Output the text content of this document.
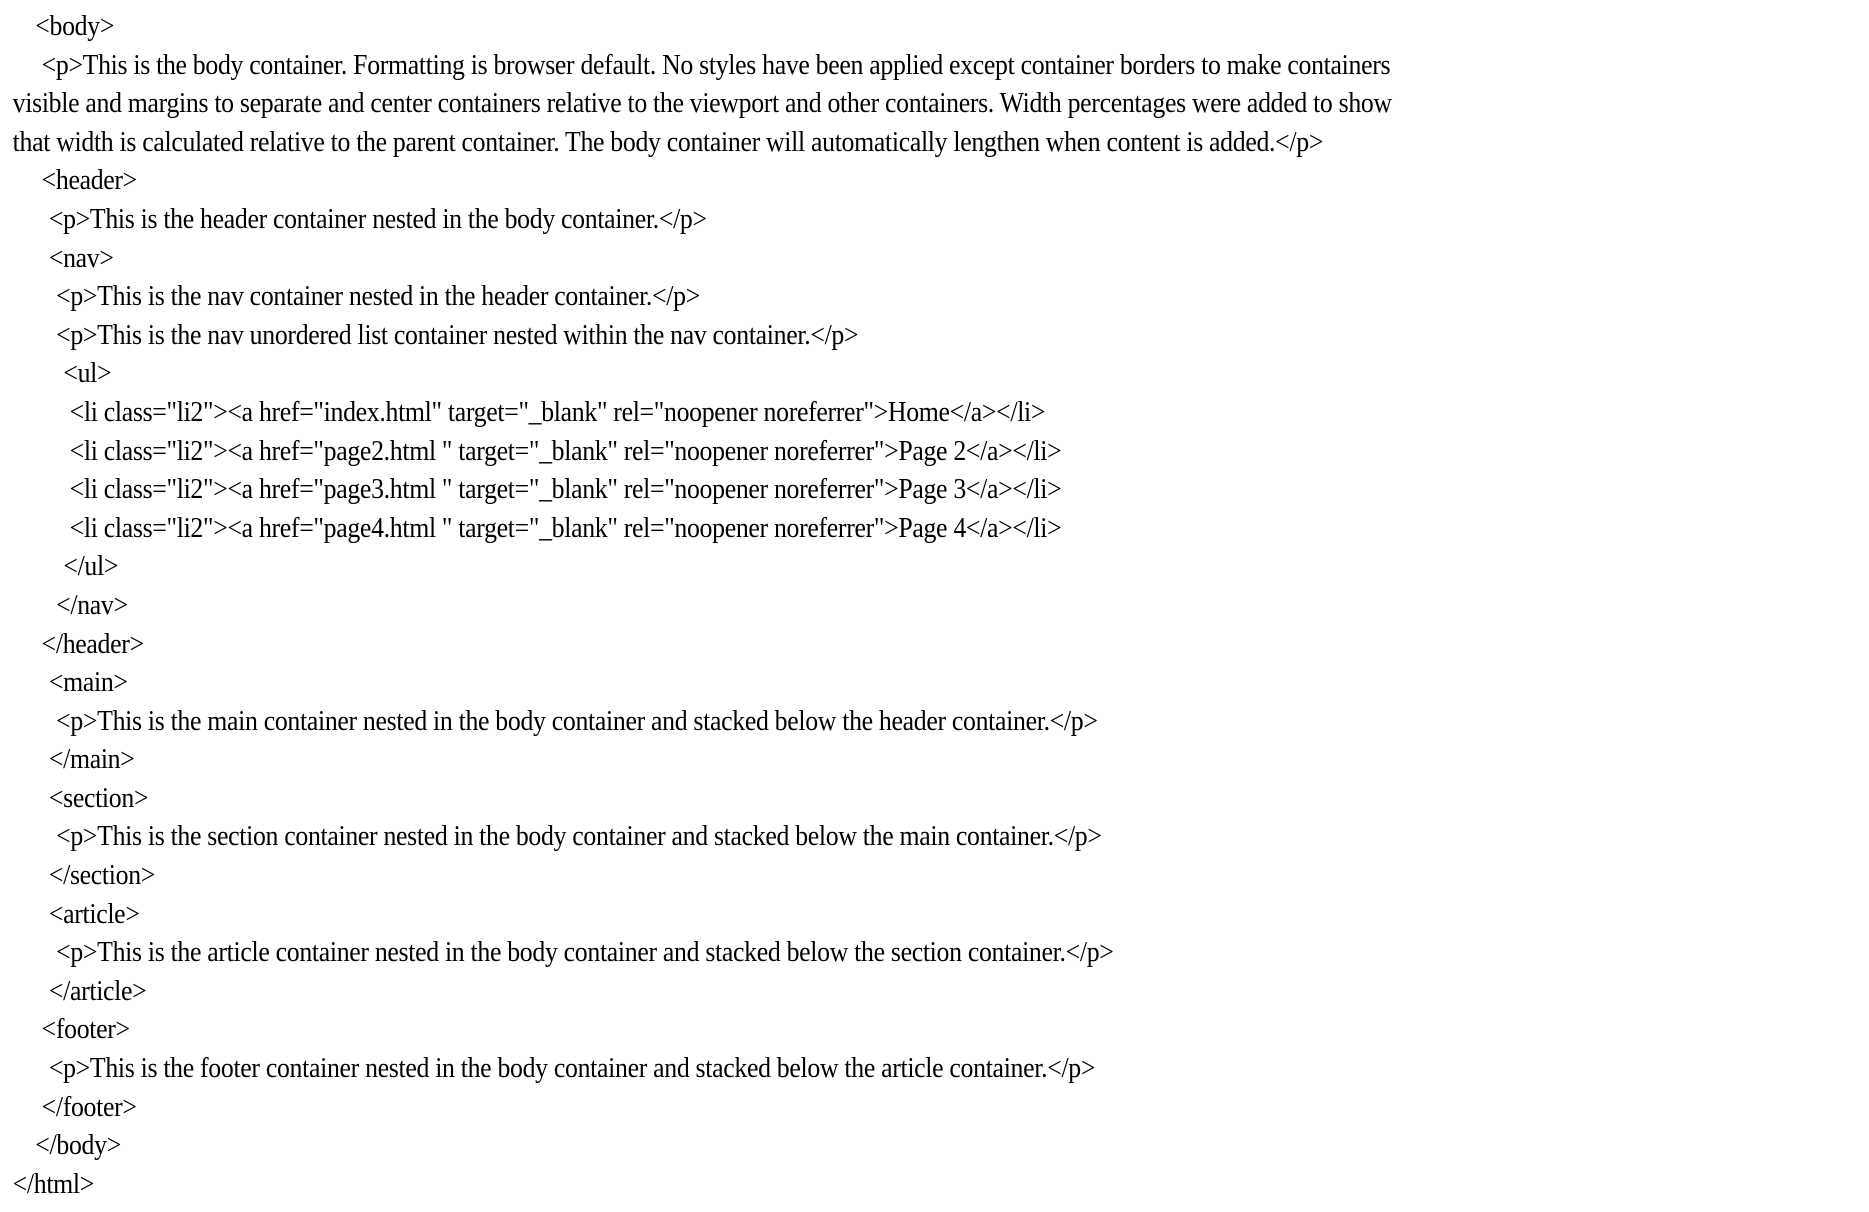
<body>
<p>This is the body container. Formatting is browser default. No styles have been applied except container borders to make containers
visible and margins to separate and center containers relative to the viewport and other containers. Width percentages were added to show
that width is calculated relative to the parent container. The body container will automatically lengthen when content is added.</p>
<header>
<p>This is the header container nested in the body container.</p>
<nav>
<p>This is the nav container nested in the header container.</p>
<p>This is the nav unordered list container nested within the nav container.</p>
<ul>
<li class="li2"><a href="index.html" target="_blank" rel="noopener noreferrer">Home</a></li>
<li class="li2"><a href="page2.html " target="_blank" rel="noopener noreferrer">Page 2</a></li>
<li class="li2"><a href="page3.html " target="_blank" rel="noopener noreferrer">Page 3</a></li>
<li class="li2"><a href="page4.html " target="_blank" rel="noopener noreferrer">Page 4</a></li>
</ul>
</nav>
</header>
<main>
<p>This is the main container nested in the body container and stacked below the header container.</p>
</main>
<section>
<p>This is the section container nested in the body container and stacked below the main container.</p>
</section>
<article>
<p>This is the article container nested in the body container and stacked below the section container.</p>
</article>
<footer>
<p>This is the footer container nested in the body container and stacked below the article container.</p>
</footer>
</body>
</html>
